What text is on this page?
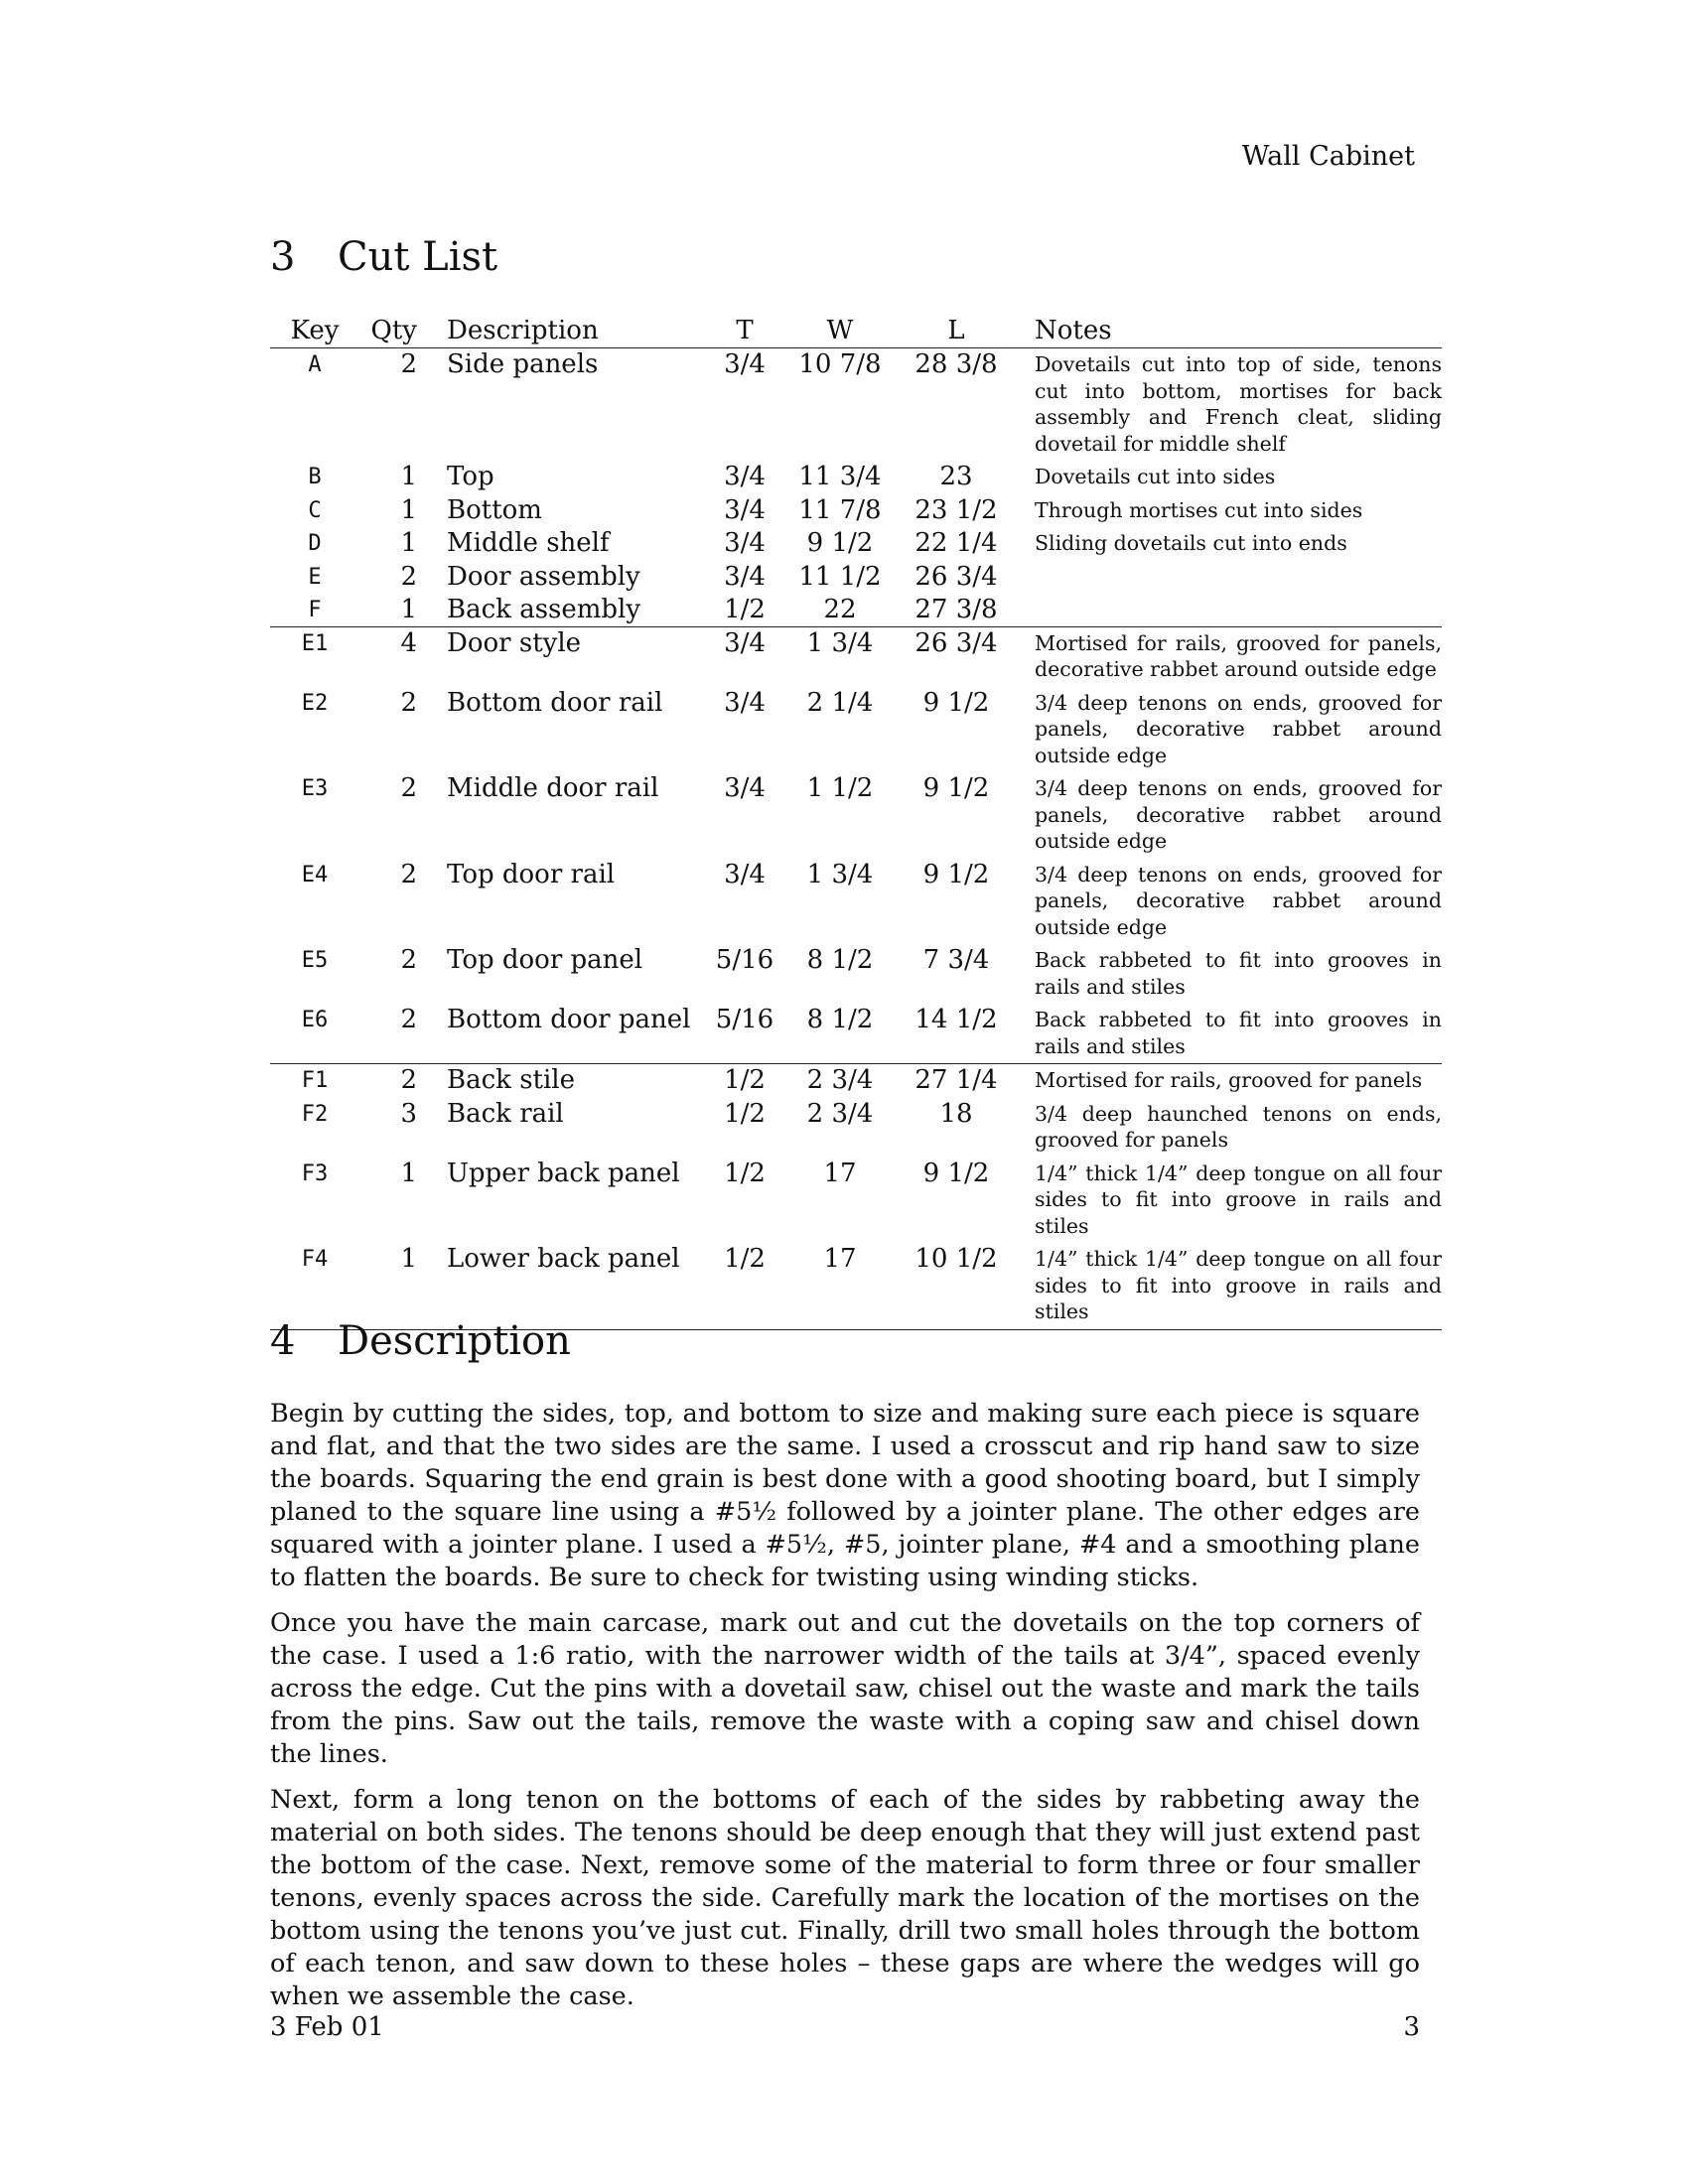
Wall Cabinet
3 Cut List
Key	Qty	Description	T	W	L	Notes
A	2	Side panels	3/4	10 7/8	28 3/8	Dovetails cut into top of side, tenons cut into bottom, mortises for back assembly and French cleat, sliding dovetail for middle shelf
B	1	Top	3/4	11 3/4	23	Dovetails cut into sides
C	1	Bottom	3/4	11 7/8	23 1/2	Through mortises cut into sides
D	1	Middle shelf	3/4	9 1/2	22 1/4	Sliding dovetails cut into ends
E	2	Door assembly	3/4	11 1/2	26 3/4	
F	1	Back assembly	1/2	22	27 3/8	
E1	4	Door style	3/4	1 3/4	26 3/4	Mortised for rails, grooved for panels, decorative rabbet around outside edge
E2	2	Bottom door rail	3/4	2 1/4	9 1/2	3/4 deep tenons on ends, grooved for panels, decorative rabbet around outside edge
E3	2	Middle door rail	3/4	1 1/2	9 1/2	3/4 deep tenons on ends, grooved for panels, decorative rabbet around outside edge
E4	2	Top door rail	3/4	1 3/4	9 1/2	3/4 deep tenons on ends, grooved for panels, decorative rabbet around outside edge
E5	2	Top door panel	5/16	8 1/2	7 3/4	Back rabbeted to fit into grooves in rails and stiles
E6	2	Bottom door panel	5/16	8 1/2	14 1/2	Back rabbeted to fit into grooves in rails and stiles
F1	2	Back stile	1/2	2 3/4	27 1/4	Mortised for rails, grooved for panels
F2	3	Back rail	1/2	2 3/4	18	3/4 deep haunched tenons on ends, grooved for panels
F3	1	Upper back panel	1/2	17	9 1/2	1/4” thick 1/4” deep tongue on all four sides to fit into groove in rails and stiles
F4	1	Lower back panel	1/2	17	10 1/2	1/4” thick 1/4” deep tongue on all four sides to fit into groove in rails and stiles
4 Description

Begin by cutting the sides, top, and bottom to size and making sure each piece is square and flat, and that the two sides are the same. I used a crosscut and rip hand saw to size the boards. Squaring the end grain is best done with a good shooting board, but I simply planed to the square line using a #5½ followed by a jointer plane. The other edges are squared with a jointer plane. I used a #5½, #5, jointer plane, #4 and a smoothing plane to flatten the boards. Be sure to check for twisting using winding sticks.

Once you have the main carcase, mark out and cut the dovetails on the top corners of the case. I used a 1:6 ratio, with the narrower width of the tails at 3/4”, spaced evenly across the edge. Cut the pins with a dovetail saw, chisel out the waste and mark the tails from the pins. Saw out the tails, remove the waste with a coping saw and chisel down the lines.

Next, form a long tenon on the bottoms of each of the sides by rabbeting away the material on both sides. The tenons should be deep enough that they will just extend past the bottom of the case. Next, remove some of the material to form three or four smaller tenons, evenly spaces across the side. Carefully mark the location of the mortises on the bottom using the tenons you’ve just cut. Finally, drill two small holes through the bottom of each tenon, and saw down to these holes – these gaps are where the wedges will go when we assemble the case.

3 Feb 01	3
